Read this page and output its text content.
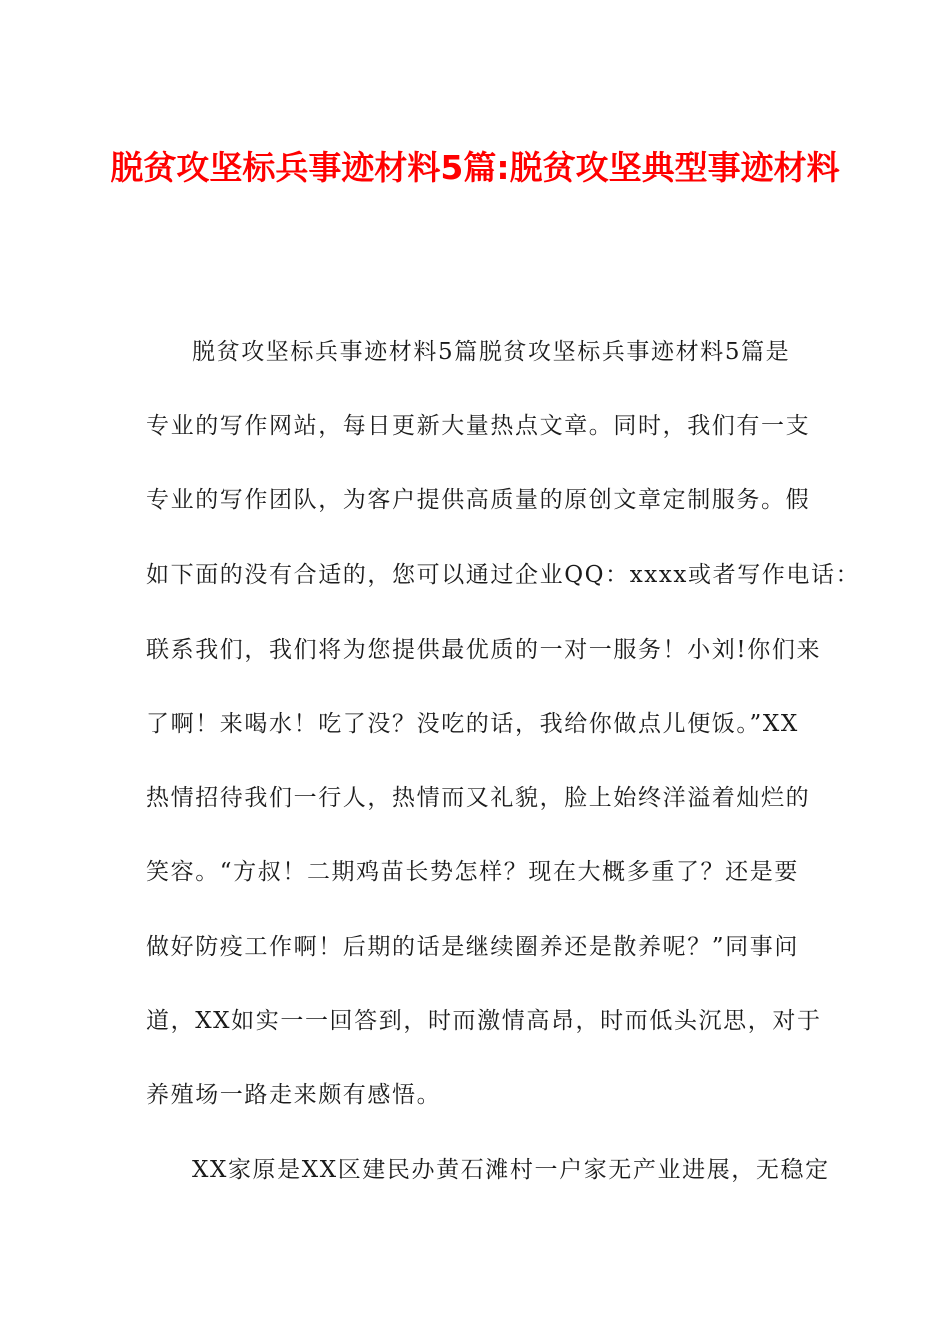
脱贫攻坚标兵事迹材料5篇:脱贫攻坚典型事迹材料

脱贫攻坚标兵事迹材料5篇脱贫攻坚标兵事迹材料5篇是

专业的写作网站，每日更新大量热点文章。同时，我们有一支

专业的写作团队，为客户提供高质量的原创文章定制服务。假

如下面的没有合适的，您可以通过企业QQ：xxxx或者写作电话：

联系我们，我们将为您提供最优质的一对一服务！小刘!你们来

了啊！来喝水！吃了没？没吃的话，我给你做点儿便饭。”XX

热情招待我们一行人，热情而又礼貌，脸上始终洋溢着灿烂的

笑容。“方叔！二期鸡苗长势怎样？现在大概多重了？还是要

做好防疫工作啊！后期的话是继续圈养还是散养呢？”同事问

道，XX如实一一回答到，时而激情高昂，时而低头沉思，对于

养殖场一路走来颇有感悟。

XX家原是XX区建民办黄石滩村一户家无产业进展，无稳定
